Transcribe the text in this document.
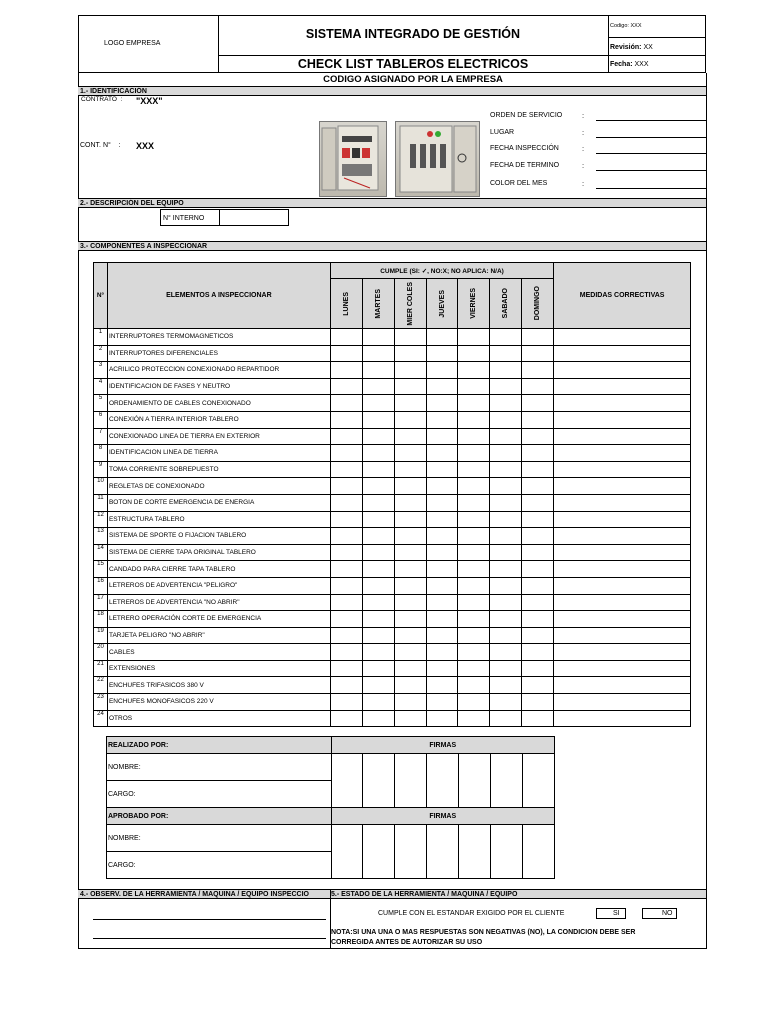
LOGO EMPRESA
SISTEMA INTEGRADO DE GESTIÓN
CHECK LIST TABLEROS ELECTRICOS
Codigo: XXX
Revisión: XX
Fecha: XXX
CODIGO ASIGNADO POR LA EMPRESA
1.- IDENTIFICACIÓN
CONTRATO : "XXX"
CONT. N° : XXX
ORDEN DE SERVICIO
LUGAR
FECHA INSPECCIÓN
FECHA DE TERMINO
COLOR DEL MES
:
:
:
:
:
2.- DESCRIPCIÓN DEL EQUIPO
N° INTERNO
3.- COMPONENTES A INSPECCIONAR
N°	ELEMENTOS A INSPECCIONAR	CUMPLE (SI: ✓, NO:X; NO APLICA: N/A)							MEDIDAS CORRECTIVAS

		LUNES	MARTES	MIER COLES	JUEVES	VIERNES	SABADO	DOMINGO	

1	INTERRUPTORES TERMOMAGNETICOS								
2	INTERRUPTORES DIFERENCIALES								
3	ACRILICO PROTECCION CONEXIONADO REPARTIDOR								
4	IDENTIFICACION DE FASES Y NEUTRO								
5	ORDENAMIENTO DE CABLES CONEXIONADO								
6	CONEXIÓN A TIERRA INTERIOR TABLERO								
7	CONEXIONADO LINEA DE TIERRA EN EXTERIOR								
8	IDENTIFICACION LINEA DE TIERRA								
9	TOMA CORRIENTE SOBREPUESTO								
10	REGLETAS DE CONEXIONADO								
11	BOTON DE CORTE EMERGENCIA DE ENERGIA								
12	ESTRUCTURA TABLERO								
13	SISTEMA DE SPORTE O FIJACION TABLERO								
14	SISTEMA DE CIERRE TAPA ORIGINAL TABLERO								
15	CANDADO PARA CIERRE TAPA TABLERO								
16	LETREROS DE ADVERTENCIA "PELIGRO"								
17	LETREROS DE ADVERTENCIA "NO ABRIR"								
18	LETRERO OPERACIÓN CORTE DE EMERGENCIA								
19	TARJETA PELIGRO "NO ABRIR"								
20	CABLES								
21	EXTENSIONES								
22	ENCHUFES TRIFASICOS 380 V								
23	ENCHUFES MONOFASICOS 220 V								
24	OTROS								
REALIZADO POR:	FIRMAS						
NOMBRE:							
CARGO:							
APROBADO POR:	FIRMAS						
NOMBRE:							
CARGO:							
4.- OBSERV. DE LA HERRAMIENTA / MAQUINA / EQUIPO INSPECCIO	5.- ESTADO DE LA HERRAMIENTA / MAQUINA / EQUIPO
CUMPLE CON EL ESTANDAR EXIGIDO POR EL CLIENTE	SI	NO
NOTA:SI UNA UNA O MAS RESPUESTAS SON NEGATIVAS (NO), LA CONDICION DEBE SER
CORREGIDA ANTES DE AUTORIZAR SU USO
